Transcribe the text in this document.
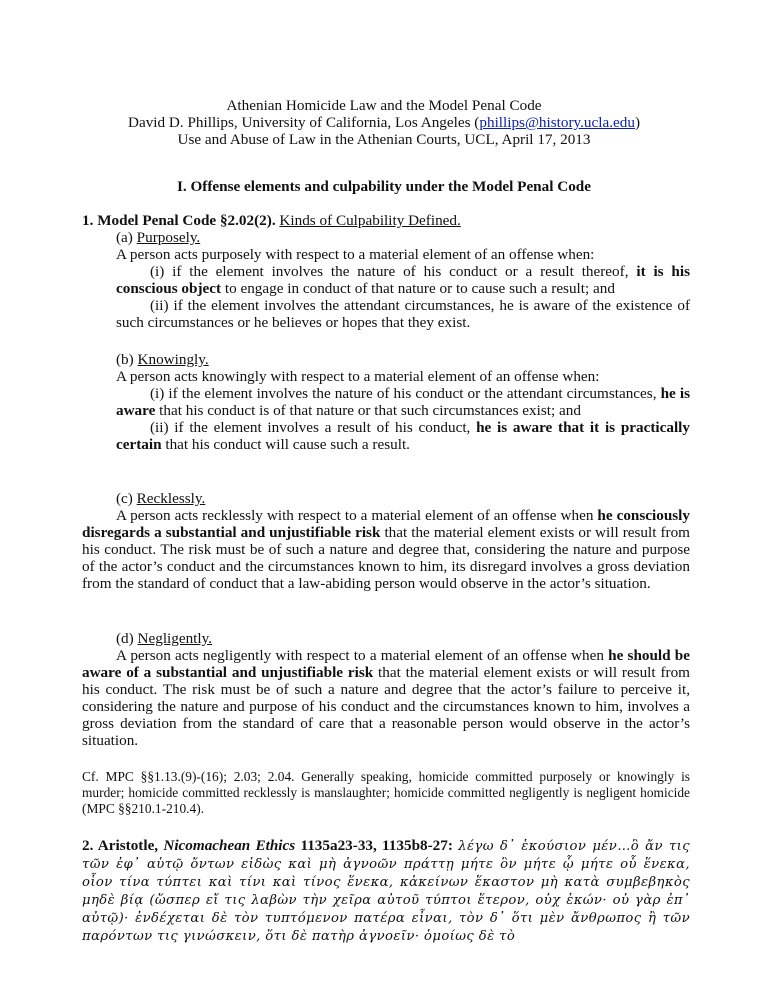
Athenian Homicide Law and the Model Penal Code
David D. Phillips, University of California, Los Angeles (phillips@history.ucla.edu)
Use and Abuse of Law in the Athenian Courts, UCL, April 17, 2013
I. Offense elements and culpability under the Model Penal Code
1. Model Penal Code §2.02(2). Kinds of Culpability Defined.
(a) Purposely.
A person acts purposely with respect to a material element of an offense when:

(i) if the element involves the nature of his conduct or a result thereof, it is his conscious object to engage in conduct of that nature or to cause such a result; and

(ii) if the element involves the attendant circumstances, he is aware of the existence of such circumstances or he believes or hopes that they exist.

(b) Knowingly.
A person acts knowingly with respect to a material element of an offense when:

(i) if the element involves the nature of his conduct or the attendant circumstances, he is aware that his conduct is of that nature or that such circumstances exist; and

(ii) if the element involves a result of his conduct, he is aware that it is practically certain that his conduct will cause such a result.

(c) Recklessly.

A person acts recklessly with respect to a material element of an offense when he consciously disregards a substantial and unjustifiable risk that the material element exists or will result from his conduct. The risk must be of such a nature and degree that, considering the nature and purpose of the actor’s conduct and the circumstances known to him, its disregard involves a gross deviation from the standard of conduct that a law-abiding person would observe in the actor’s situation.

(d) Negligently.

A person acts negligently with respect to a material element of an offense when he should be aware of a substantial and unjustifiable risk that the material element exists or will result from his conduct. The risk must be of such a nature and degree that the actor’s failure to perceive it, considering the nature and purpose of his conduct and the circumstances known to him, involves a gross deviation from the standard of care that a reasonable person would observe in the actor’s situation.

Cf. MPC §§1.13.(9)-(16); 2.03; 2.04. Generally speaking, homicide committed purposely or knowingly is murder; homicide committed recklessly is manslaughter; homicide committed negligently is negligent homicide (MPC §§210.1-210.4).

2. Aristotle, Nicomachean Ethics 1135a23-33, 1135b8-27: λέγω δ᾽ ἑκούσιον μέν…ὃ ἄν τις τῶν ἐφ᾽ αὑτῷ ὄντων εἰδὼς καὶ μὴ ἀγνοῶν πράττῃ μήτε ὃν μήτε ᾧ μήτε οὗ ἕνεκα, οἷον τίνα τύπτει καὶ τίνι καὶ τίνος ἕνεκα, κἀκείνων ἕκαστον μὴ κατὰ συμβεβηκὸς μηδὲ βίᾳ (ὥσπερ εἴ τις λαβὼν τὴν χεῖρα αὐτοῦ τύπτοι ἕτερον, οὐχ ἑκών· οὐ γὰρ ἐπ᾽ αὐτῷ)· ἐνδέχεται δὲ τὸν τυπτόμενον πατέρα εἶναι, τὸν δ᾽ ὅτι μὲν ἄνθρωπος ἢ τῶν παρόντων τις γινώσκειν, ὅτι δὲ πατὴρ ἀγνοεῖν· ὁμοίως δὲ τὸ
